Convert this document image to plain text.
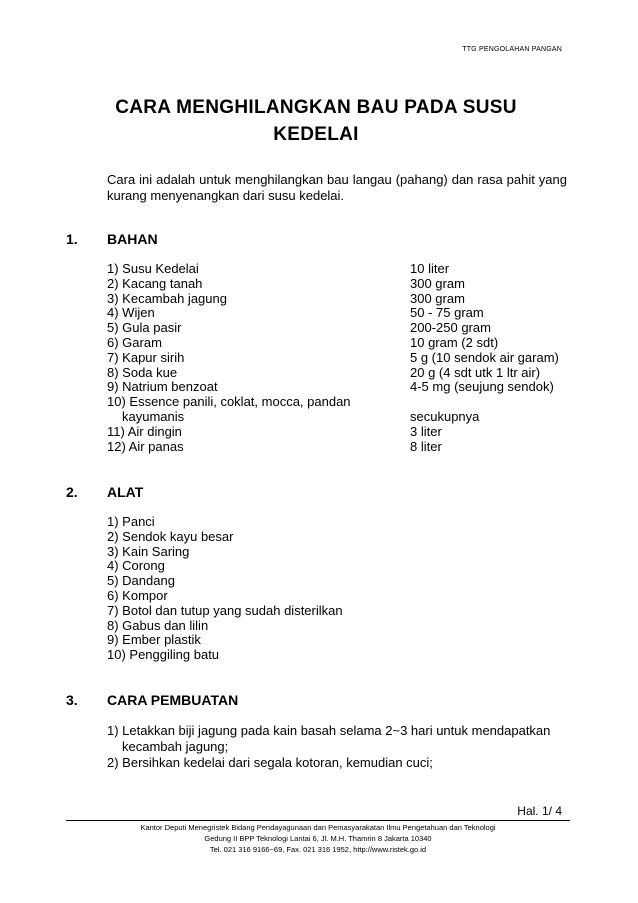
TTG PENGOLAHAN PANGAN
CARA MENGHILANGKAN BAU PADA SUSU
KEDELAI
Cara ini adalah untuk menghilangkan bau langau (pahang) dan rasa pahit yang kurang menyenangkan dari susu kedelai.
1. BAHAN
1) Susu Kedelai	10 liter
2) Kacang tanah	300 gram
3) Kecambah jagung	300 gram
4) Wijen	50 - 75 gram
5) Gula pasir	200-250 gram
6) Garam	10 gram (2 sdt)
7) Kapur sirih	5 g (10 sendok air garam)
8) Soda kue	20 g (4 sdt utk 1 ltr air)
9) Natrium benzoat	4-5 mg (seujung sendok)
10) Essence panili, coklat, mocca, pandan
kayumanis	secukupnya
11) Air dingin	3 liter
12) Air panas	8 liter
2. ALAT
1) Panci
2) Sendok kayu besar
3) Kain Saring
4) Corong
5) Dandang
6) Kompor
7) Botol dan tutup yang sudah disterilkan
8) Gabus dan lilin
9) Ember plastik
10) Penggiling batu
3. CARA PEMBUATAN
1) Letakkan biji jagung pada kain basah selama 2~3 hari untuk mendapatkan
kecambah jagung;
2) Bersihkan kedelai dari segala kotoran, kemudian cuci;
Hal. 1/ 4
Kantor Deputi Menegristek Bidang Pendayagunaan dan Pemasyarakatan Ilmu Pengetahuan dan Teknologi
Gedung II BPP Teknologi Lantai 6, Jl. M.H. Thamrin 8 Jakarta 10340
Tel. 021 316 9166~69, Fax. 021 316 1952, http://www.ristek.go.id
